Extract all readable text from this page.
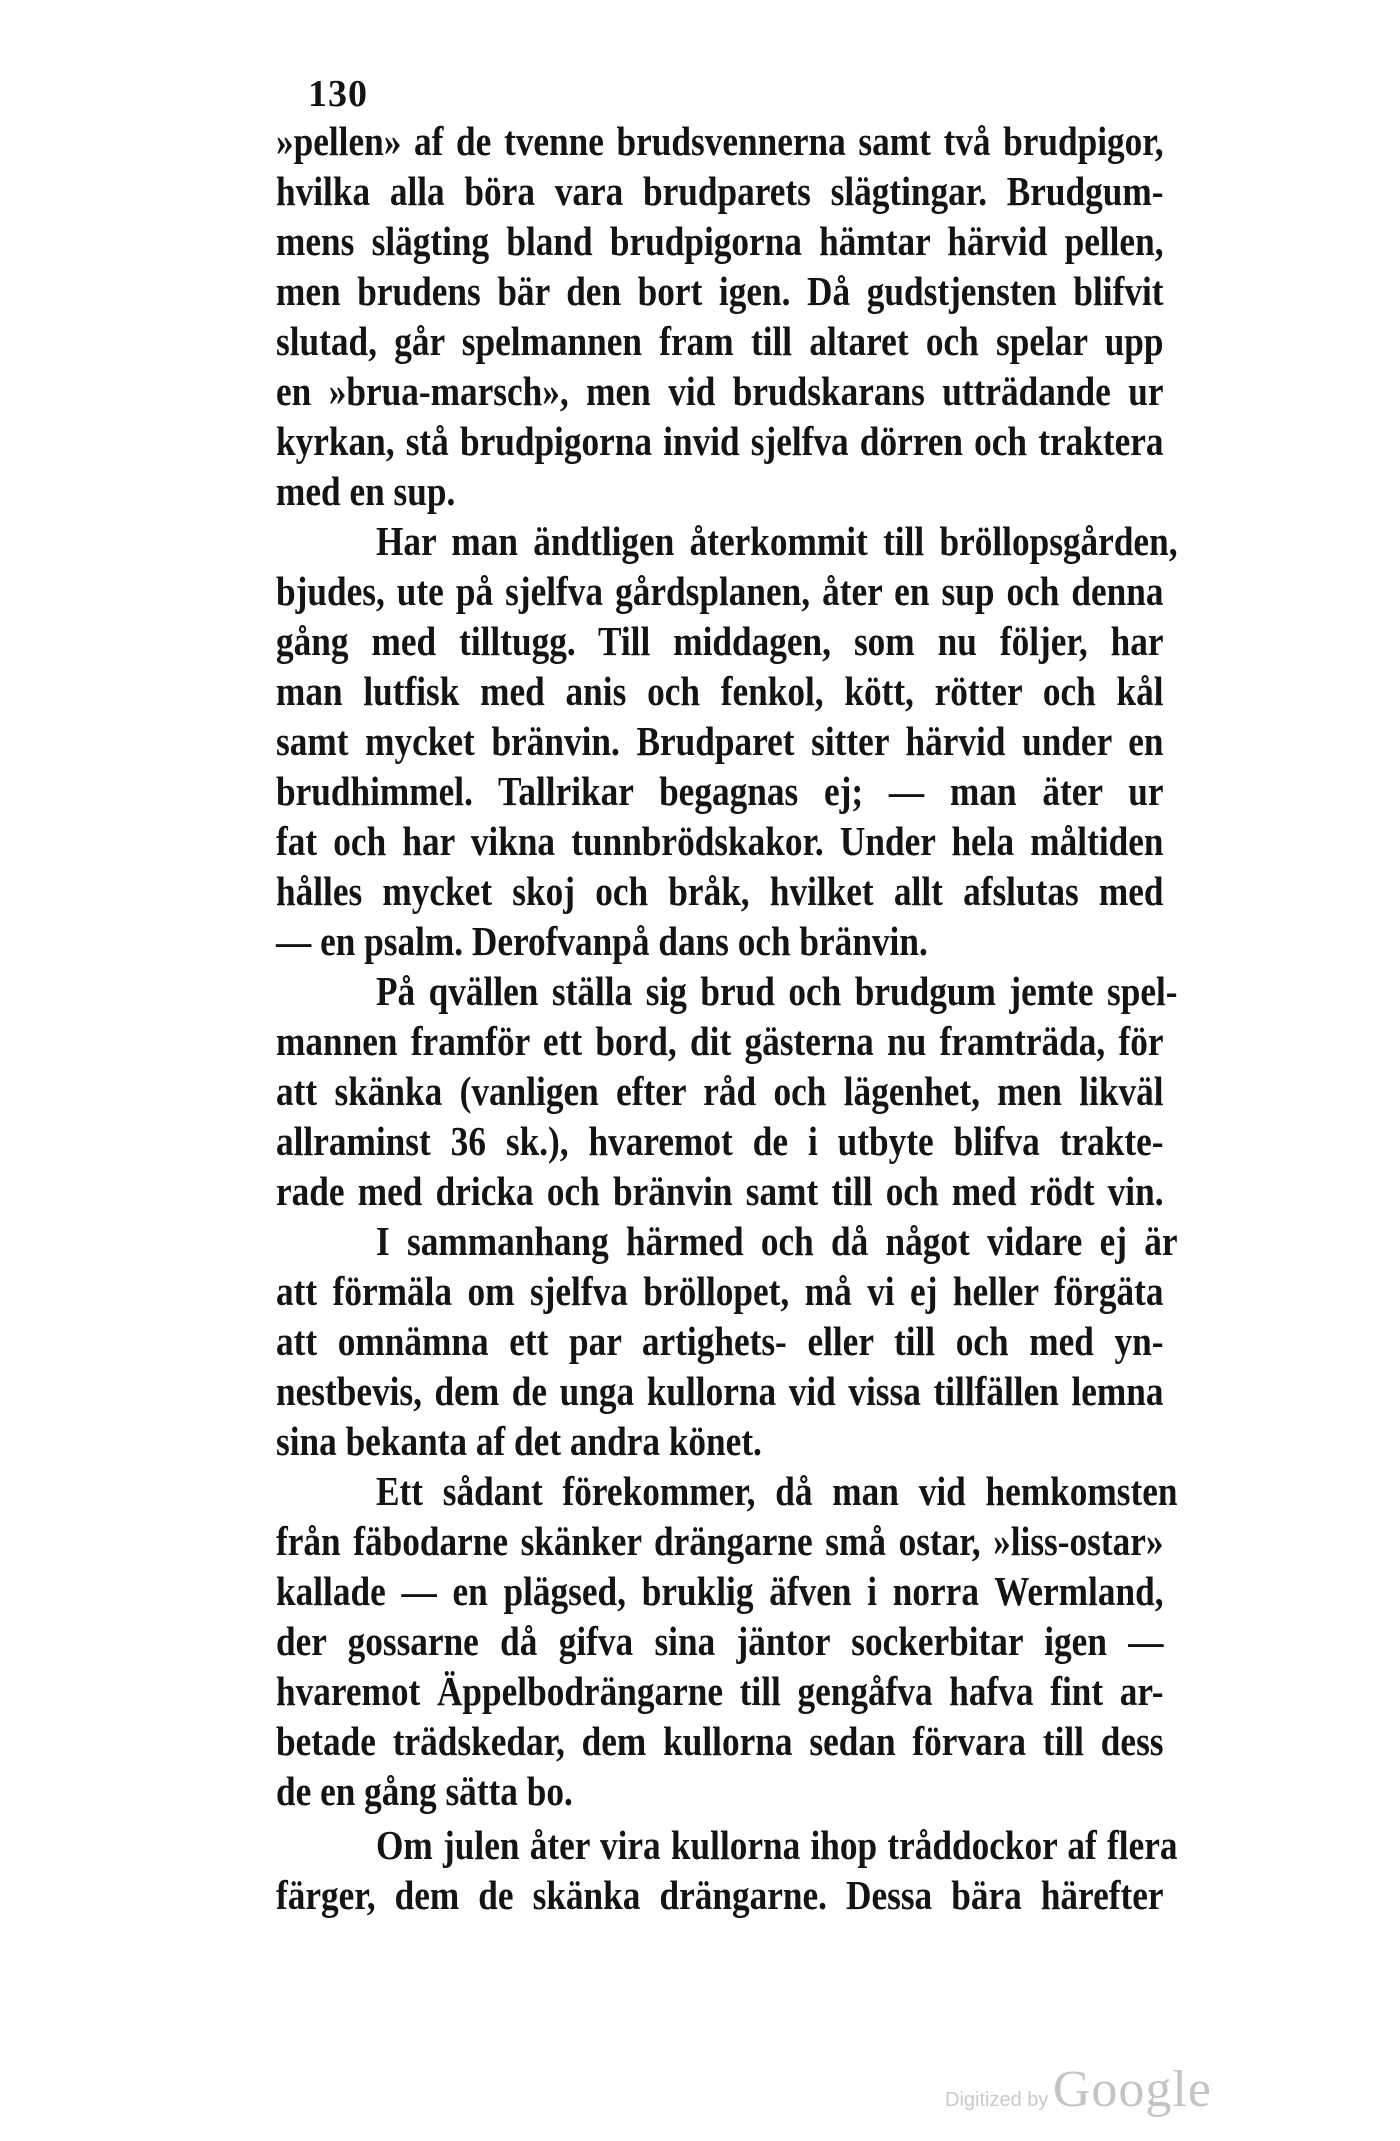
130
»pellen» af de tvenne brudsvennerna samt två brudpigor,
hvilka alla böra vara brudparets slägtingar. Brudgum-
mens slägting bland brudpigorna hämtar härvid pellen,
men brudens bär den bort igen. Då gudstjensten blifvit
slutad, går spelmannen fram till altaret och spelar upp
en »brua-marsch», men vid brudskarans utträdande ur
kyrkan, stå brudpigorna invid sjelfva dörren och traktera
med en sup.
Har man ändtligen återkommit till bröllopsgården,
bjudes, ute på sjelfva gårdsplanen, åter en sup och denna
gång med tilltugg. Till middagen, som nu följer, har
man lutfisk med anis och fenkol, kött, rötter och kål
samt mycket bränvin. Brudparet sitter härvid under en
brudhimmel. Tallrikar begagnas ej; — man äter ur
fat och har vikna tunnbrödskakor. Under hela måltiden
hålles mycket skoj och bråk, hvilket allt afslutas med
— en psalm. Derofvanpå dans och bränvin.
På qvällen ställa sig brud och brudgum jemte spel-
mannen framför ett bord, dit gästerna nu framträda, för
att skänka (vanligen efter råd och lägenhet, men likväl
allraminst 36 sk.), hvaremot de i utbyte blifva trakte-
rade med dricka och bränvin samt till och med rödt vin.
I sammanhang härmed och då något vidare ej är
att förmäla om sjelfva bröllopet, må vi ej heller förgäta
att omnämna ett par artighets- eller till och med yn-
nestbevis, dem de unga kullorna vid vissa tillfällen lemna
sina bekanta af det andra könet.
Ett sådant förekommer, då man vid hemkomsten
från fäbodarne skänker drängarne små ostar, »liss-ostar»
kallade — en plägsed, bruklig äfven i norra Wermland,
der gossarne då gifva sina jäntor sockerbitar igen —
hvaremot Äppelbodrängarne till gengåfva hafva fint ar-
betade trädskedar, dem kullorna sedan förvara till dess
de en gång sätta bo.
Om julen åter vira kullorna ihop tråddockor af flera
färger, dem de skänka drängarne. Dessa bära härefter
Digitized by Google
